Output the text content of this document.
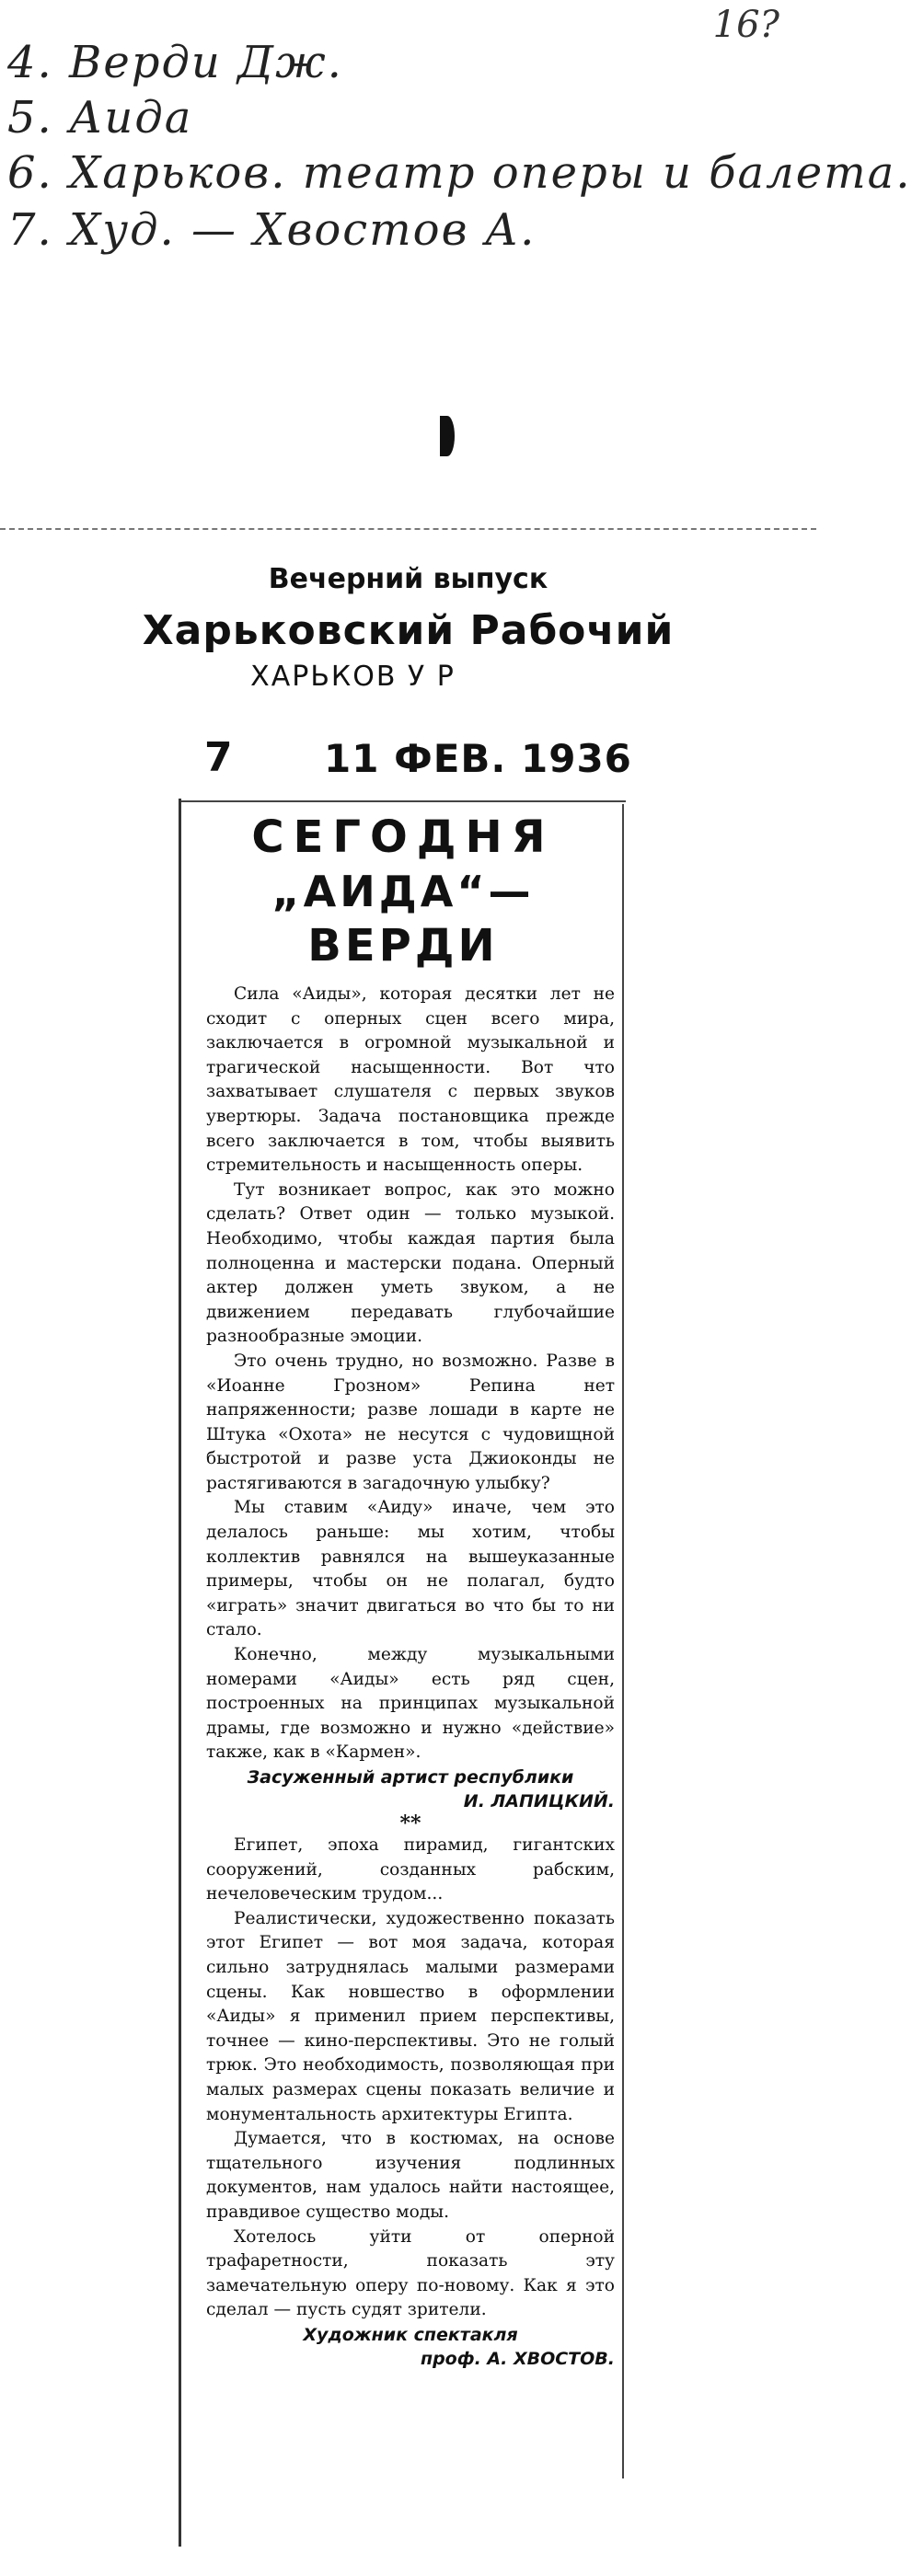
16?
4. Верди Дж.
5. Аида
6. Харьков. театр оперы и балета.
7. Худ. — Хвостов А.
Вечерний выпуск
Харьковский Рабочий
ХАРЬКОВ У Р
7 11 ФЕВ. 1936
СЕГОДНЯ
„АИДА“—
ВЕРДИ

Сила «Аиды», которая десятки лет не сходит с оперных сцен всего мира, заключается в огромной музыкальной и трагической насыщенности. Вот что захватывает слушателя с первых звуков увертюры. Задача постановщика прежде всего заключается в том, чтобы выявить стремительность и насыщенность оперы.

Тут возникает вопрос, как это можно сделать? Ответ один — только музыкой. Необходимо, чтобы каждая партия была полноценна и мастерски подана. Оперный актер должен уметь звуком, а не движением передавать глубочайшие разнообразные эмоции.

Это очень трудно, но возможно. Разве в «Иоанне Грозном» Репина нет напряженности; разве лошади в карте не Штука «Охота» не несутся с чудовищной быстротой и разве уста Джиоконды не растягиваются в загадочную улыбку?

Мы ставим «Аиду» иначе, чем это делалось раньше: мы хотим, чтобы коллектив равнялся на вышеуказанные примеры, чтобы он не полагал, будто «играть» значит двигаться во что бы то ни стало.

Конечно, между музыкальными номерами «Аиды» есть ряд сцен, построенных на принципах музыкальной драмы, где возможно и нужно «действие» также, как в «Кармен».

Засуженный артист республики
И. ЛАПИЦКИЙ.
**

Египет, эпоха пирамид, гигантских сооружений, созданных рабским, нечеловеческим трудом...

Реалистически, художественно показать этот Египет — вот моя задача, которая сильно затруднялась малыми размерами сцены. Как новшество в оформлении «Аиды» я применил прием перспективы, точнее — кино-перспективы. Это не голый трюк. Это необходимость, позволяющая при малых размерах сцены показать величие и монументальность архитектуры Египта.

Думается, что в костюмах, на основе тщательного изучения подлинных документов, нам удалось найти настоящее, правдивое существо моды.

Хотелось уйти от оперной трафаретности, показать эту замечательную оперу по-новому. Как я это сделал — пусть судят зрители.

Художник спектакля
проф. А. ХВОСТОВ.
